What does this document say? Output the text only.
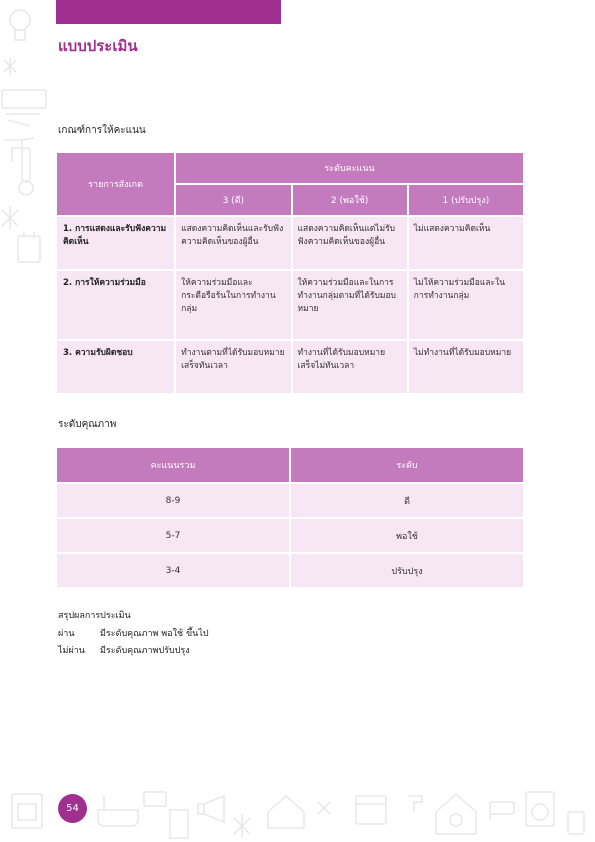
แบบประเมิน
เกณฑ์การให้คะแนน
รายการสังเกต	ระดับคะแนน		
	3 (ดี)	2 (พอใช้)	1 (ปรับปรุง)
1. การแสดงและรับฟังความคิดเห็น	แสดงความคิดเห็นและรับฟังความคิดเห็นของผู้อื่น	แสดงความคิดเห็นแต่ไม่รับฟังความคิดเห็นของผู้อื่น	ไม่แสดงความคิดเห็น
2. การให้ความร่วมมือ	ให้ความร่วมมือและกระตือรือร้นในการทำงานกลุ่ม	ให้ความร่วมมือและในการทำงานกลุ่มตามที่ได้รับมอบหมาย	ไม่ให้ความร่วมมือและในการทำงานกลุ่ม
3. ความรับผิดชอบ	ทำงานตามที่ได้รับมอบหมายเสร็จทันเวลา	ทำงานที่ได้รับมอบหมายเสร็จไม่ทันเวลา	ไม่ทำงานที่ได้รับมอบหมาย
ระดับคุณภาพ
คะแนนรวม	ระดับ
8-9	ดี
5-7	พอใช้
3-4	ปรับปรุง
สรุปผลการประเมิน
ผ่าน	มีระดับคุณภาพ พอใช้ ขึ้นไป
ไม่ผ่าน	มีระดับคุณภาพปรับปรุง
54
